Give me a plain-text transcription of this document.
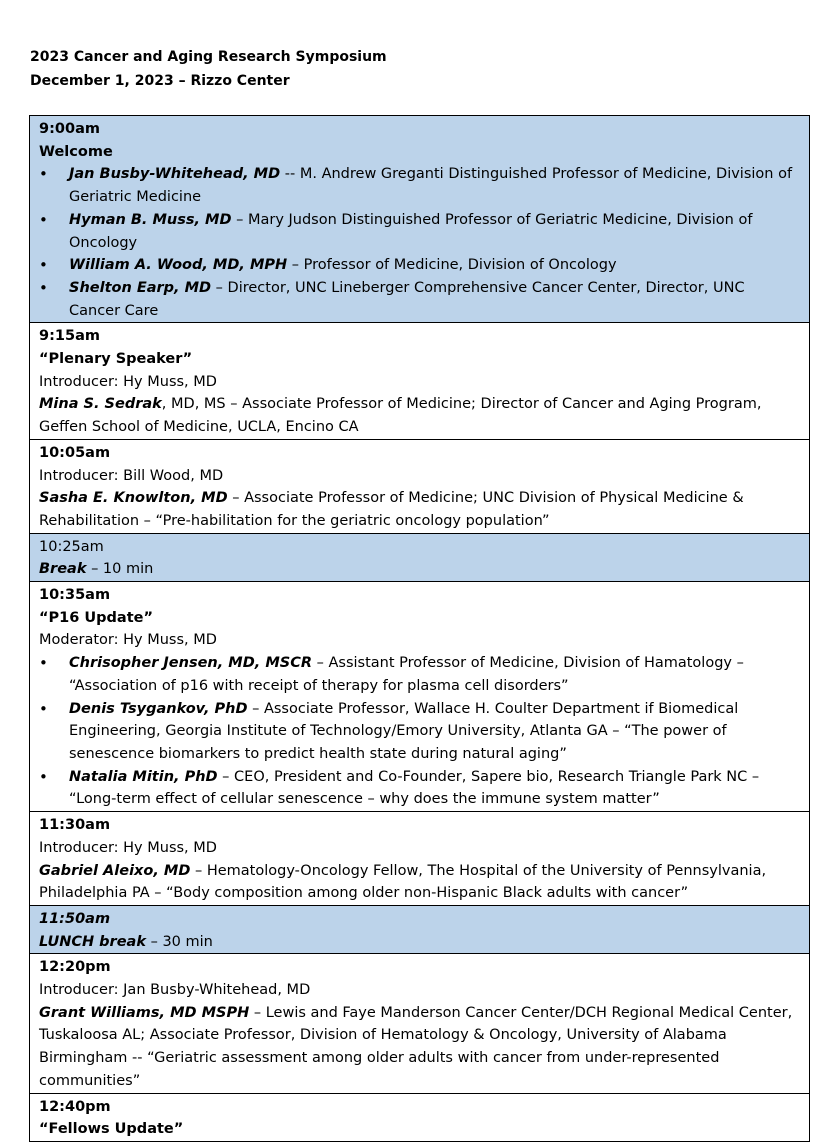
2023 Cancer and Aging Research Symposium
December 1, 2023 – Rizzo Center
9:00am
Welcome
• Jan Busby-Whitehead, MD -- M. Andrew Greganti Distinguished Professor of Medicine, Division of Geriatric Medicine
• Hyman B. Muss, MD – Mary Judson Distinguished Professor of Geriatric Medicine, Division of Oncology
• William A. Wood, MD, MPH – Professor of Medicine, Division of Oncology
• Shelton Earp, MD – Director, UNC Lineberger Comprehensive Cancer Center, Director, UNC Cancer Care

9:15am
“Plenary Speaker”
Introducer: Hy Muss, MD
Mina S. Sedrak, MD, MS – Associate Professor of Medicine; Director of Cancer and Aging Program, Geffen School of Medicine, UCLA, Encino CA

10:05am
Introducer: Bill Wood, MD
Sasha E. Knowlton, MD – Associate Professor of Medicine; UNC Division of Physical Medicine & Rehabilitation – “Pre-habilitation for the geriatric oncology population”

10:25am
Break – 10 min

10:35am
“P16 Update”
Moderator: Hy Muss, MD
• Chrisopher Jensen, MD, MSCR – Assistant Professor of Medicine, Division of Hamatology – “Association of p16 with receipt of therapy for plasma cell disorders”
• Denis Tsygankov, PhD – Associate Professor, Wallace H. Coulter Department if Biomedical Engineering, Georgia Institute of Technology/Emory University, Atlanta GA – “The power of senescence biomarkers to predict health state during natural aging”
• Natalia Mitin, PhD – CEO, President and Co-Founder, Sapere bio, Research Triangle Park NC – “Long-term effect of cellular senescence – why does the immune system matter”

11:30am
Introducer: Hy Muss, MD
Gabriel Aleixo, MD – Hematology-Oncology Fellow, The Hospital of the University of Pennsylvania, Philadelphia PA – “Body composition among older non-Hispanic Black adults with cancer”

11:50am
LUNCH break – 30 min

12:20pm
Introducer: Jan Busby-Whitehead, MD
Grant Williams, MD MSPH – Lewis and Faye Manderson Cancer Center/DCH Regional Medical Center, Tuskaloosa AL; Associate Professor, Division of Hematology & Oncology, University of Alabama Birmingham -- “Geriatric assessment among older adults with cancer from under-represented communities”

12:40pm
“Fellows Update”
